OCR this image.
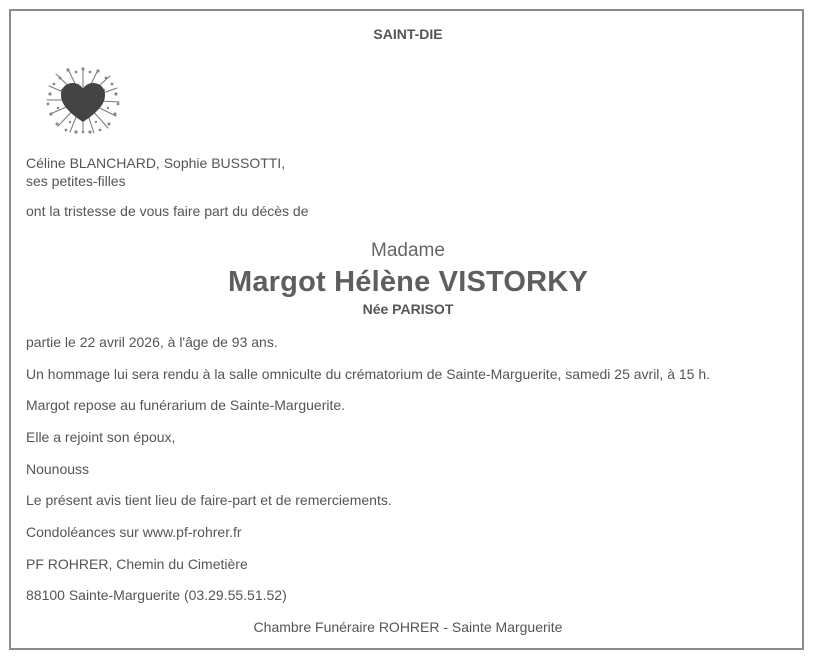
SAINT-DIE
Céline BLANCHARD, Sophie BUSSOTTI,
ses petites-filles
ont la tristesse de vous faire part du décès de
Madame
Margot Hélène VISTORKY
Née PARISOT
partie le 22 avril 2026, à l'âge de 93 ans.
Un hommage lui sera rendu à la salle omniculte du crématorium de Sainte-Marguerite, samedi 25 avril, à 15 h.
Margot repose au funérarium de Sainte-Marguerite.
Elle a rejoint son époux,
Nounouss
Le présent avis tient lieu de faire-part et de remerciements.
Condoléances sur www.pf-rohrer.fr
PF ROHRER, Chemin du Cimetière
88100 Sainte-Marguerite (03.29.55.51.52)
Chambre Funéraire ROHRER - Sainte Marguerite
